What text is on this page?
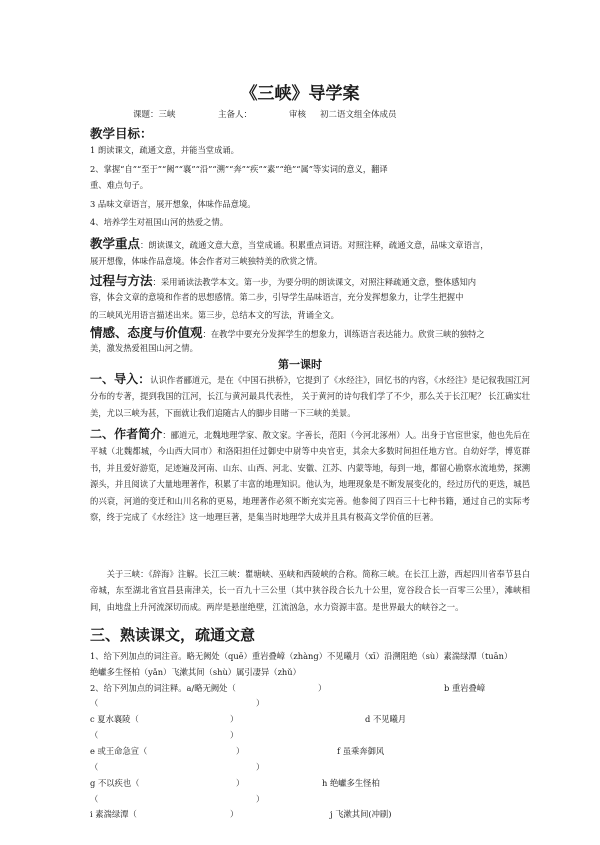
《三峡》导学案
课题：三峡	主备人：	审核 初二语文组全体成员
教学目标：
1 朗读课文，疏通文意，并能当堂成诵。
2、掌握“自”“至于”“阙”“襄”“沿”“溯”“奔”“疾”“素”“绝”“属”等实词的意义，翻译
重、难点句子。
3 品味文章语言，展开想象，体味作品意境。
4、培养学生对祖国山河的热爱之情。
教学重点：朗读课文，疏通文意大意，当堂成诵。积累重点词语。对照注释，疏通文意，品味文章语言，
展开想像，体味作品意境。体会作者对三峡独特美的欣赏之情。
过程与方法：采用诵读法教学本文。第一步，为要分明的朗读课文，对照注释疏通文意，整体感知内
容，体会文章的意境和作者的思想感情。第二步，引导学生品味语言，充分发挥想象力，让学生把握中
的三峡风光用语言描述出来。第三步，总结本文的写法，背诵全文。
情感、态度与价值观：在教学中要充分发挥学生的想象力，训练语言表达能力。欣赏三峡的独特之
美，激发热爱祖国山河之情。
第一课时
一、导入：认识作者郦道元，是在《中国石拱桥》，它提到了《水经注》，回忆书的内容，《水经注》是记叙我国江河分布的专著，提到我国的江河，长江与黄河最具代表性， 关于黄河的诗句我们学了不少，那么关于长江呢？ 长江确实壮美，尤以三峡为甚，下面就让我们追随古人的脚步目睹一下三峡的美景。
二、作者简介：郦道元，北魏地理学家、散文家。字善长，范阳（今河北涿州）人。出身于官宦世家，他也先后在平城（北魏都城，今山西大同市）和洛阳担任过御史中尉等中央官吏，其余大多数时间担任地方官。自幼好学，博览群书，并且爱好游览，足迹遍及河南、山东、山西、河北、安徽、江苏、内蒙等地，每到一地，都留心勘察水流地势，探溯源头，并且阅读了大量地理著作，积累了丰富的地理知识。他认为，地理现象是不断发展变化的，经过历代的更迭，城邑的兴衰，河道的变迁和山川名称的更易，地理著作必须不断充实完善。他参阅了四百三十七种书籍，通过自己的实际考察，终于完成了《水经注》这一地理巨著，是集当时地理学大成并且具有极高文学价值的巨著。
关于三峡：《辞海》注解。长江三峡：瞿塘峡、巫峡和西陵峡的合称。简称三峡。在长江上游，西起四川省奉节县白帝城，东至湖北省宜昌县南津关，长一百九十三公里（其中狭谷段合长九十公里，宽谷段合长一百零三公里），滩峡相间，由地盘上升河流深切而成。两岸是悬崖绝壁，江流汹急，水力资源丰富。是世界最大的峡谷之一。
三、熟读课文，疏通文意
1、给下列加点的词注音。略无阙处（quē）重岩叠嶂（zhàng）不见曦月（xī）沿溯阻绝（sù）素湍绿潭（tuān）
绝巘多生怪柏（yǎn）飞漱其间（shù）属引凄异（zhǔ）
2、给下列加点的词注释。a/略无阙处（	）	b 重岩叠嶂
（	）
c 夏水襄陵（	）	d 不见曦月
（	）
e 或王命急宣（	）	f 虽乘奔御风
（	）
g 不以疾也（	）	h 绝巘多生怪柏
（	）
i 素湍绿潭（	）	j 飞漱其间(冲刷)
